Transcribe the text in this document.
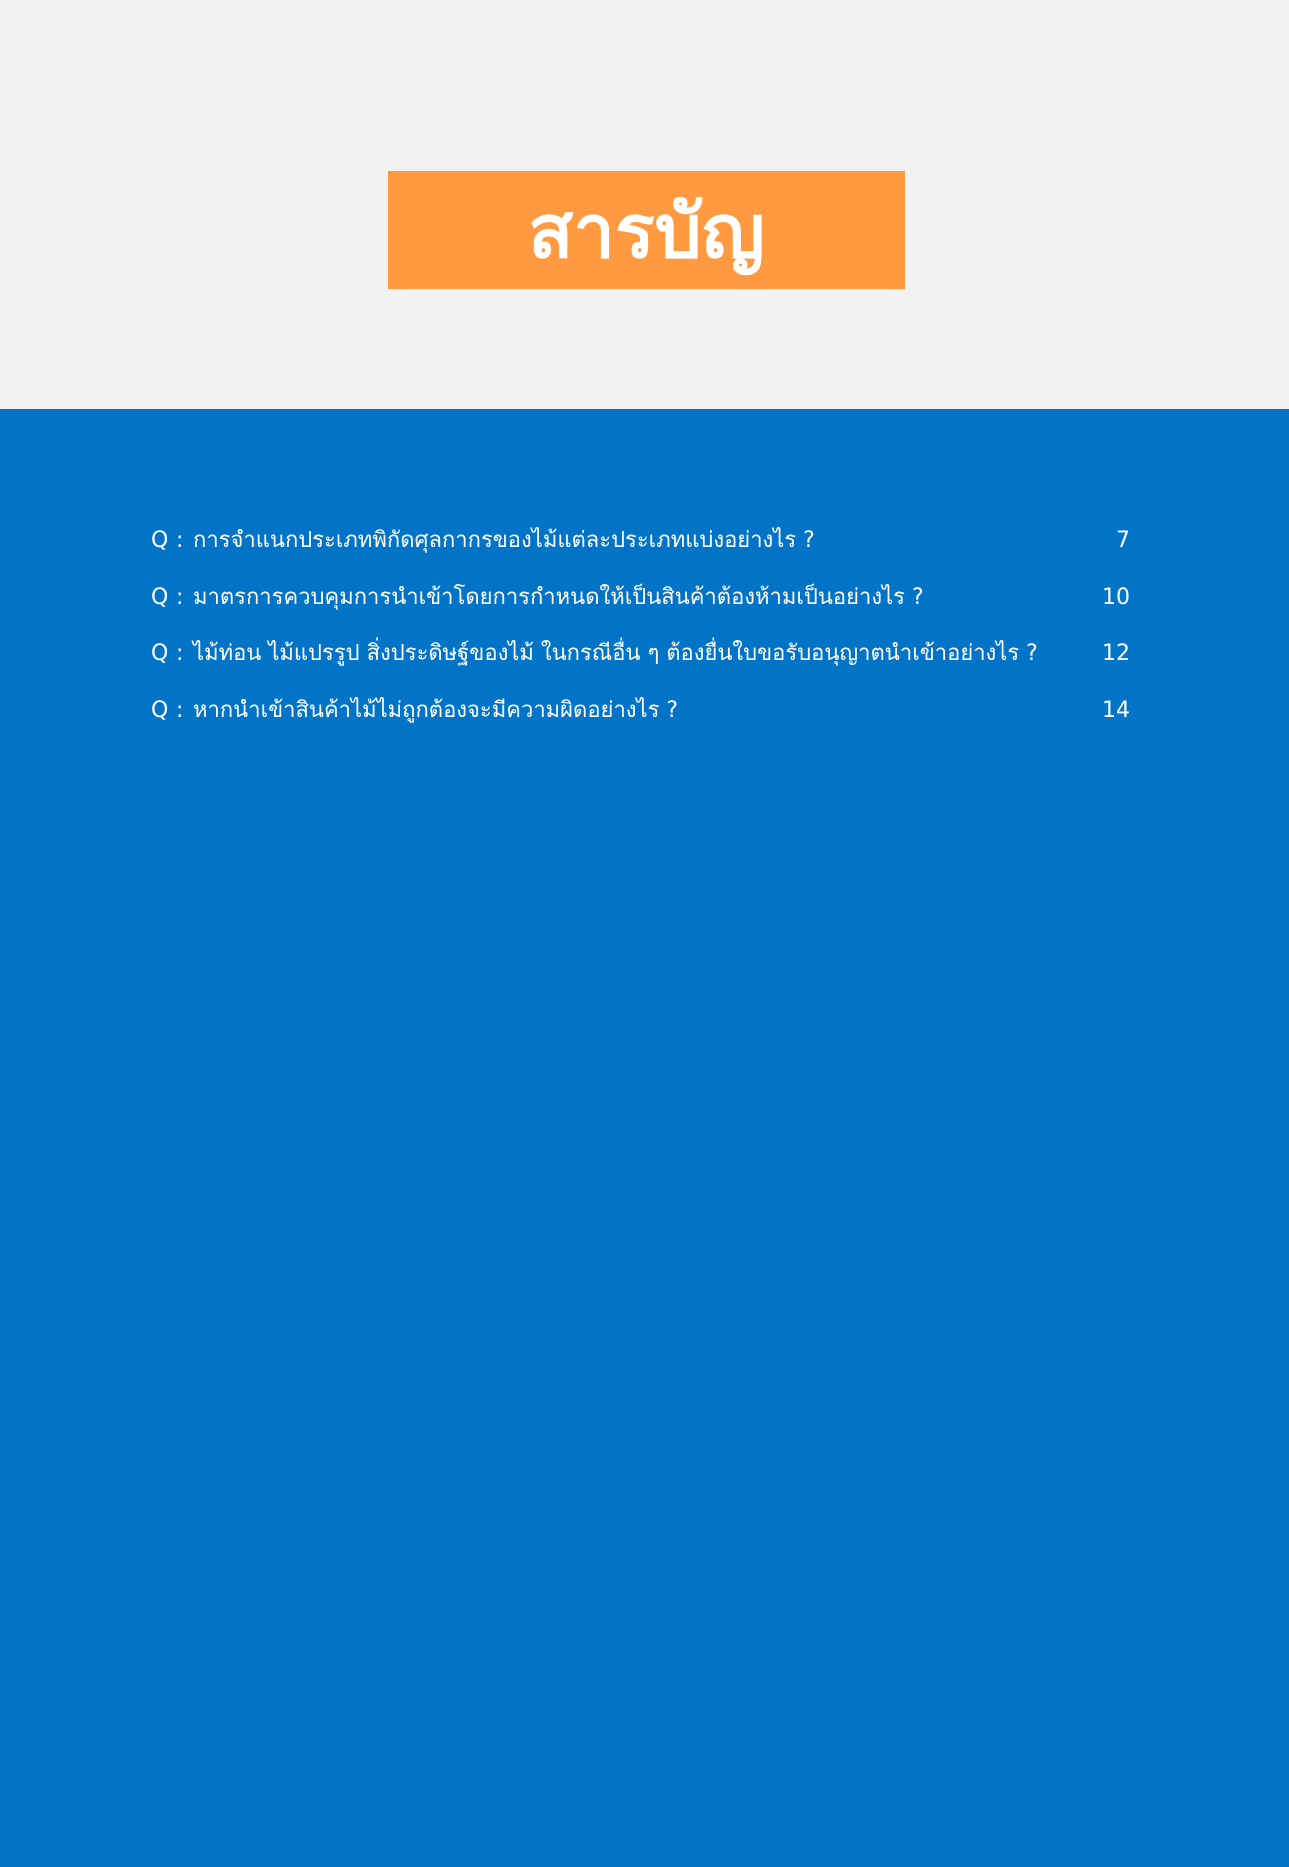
สารบัญ
Q : การจำแนกประเภทพิกัดศุลกากรของไม้แต่ละประเภทแบ่งอย่างไร ?	7
Q : มาตรการควบคุมการนำเข้าโดยการกำหนดให้เป็นสินค้าต้องห้ามเป็นอย่างไร ?	10
Q : ไม้ท่อน ไม้แปรรูป สิ่งประดิษฐ์ของไม้ ในกรณีอื่น ๆ ต้องยื่นใบขอรับอนุญาตนำเข้าอย่างไร ?	12
Q : หากนำเข้าสินค้าไม้ไม่ถูกต้องจะมีความผิดอย่างไร ?	14
